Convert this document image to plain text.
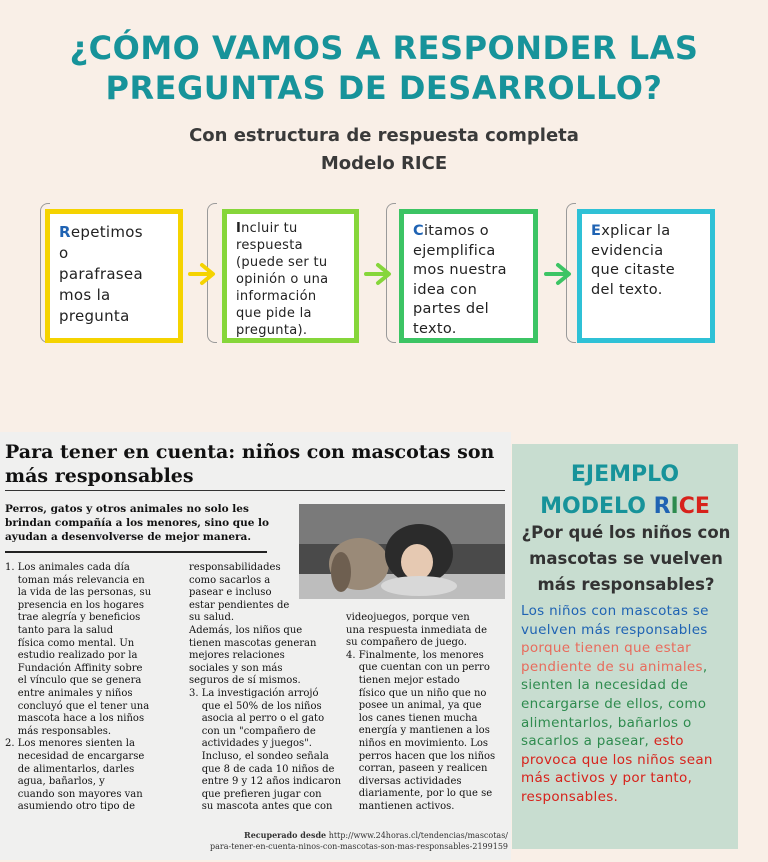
¿CÓMO VAMOS A RESPONDER LAS
PREGUNTAS DE DESARROLLO?
Con estructura de respuesta completa
Modelo RICE
Repetimos
o
parafrasea
mos la
pregunta
Incluir tu
respuesta
(puede ser tu
opinión o una
información
que pide la
pregunta).
Citamos o
ejemplifica
mos nuestra
idea con
partes del
texto.
Explicar la
evidencia
que citaste
del texto.
Para tener en cuenta: niños con mascotas son más responsables
Perros, gatos y otros animales no solo les brindan compañía a los menores, sino que lo ayudan a desenvolverse de mejor manera.
1. Los animales cada día
toman más relevancia en
la vida de las personas, su
presencia en los hogares
trae alegría y beneficios
tanto para la salud
física como mental. Un
estudio realizado por la
Fundación Affinity sobre
el vínculo que se genera
entre animales y niños
concluyó que el tener una
mascota hace a los niños
más responsables.
2. Los menores sienten la
necesidad de encargarse
de alimentarlos, darles
agua, bañarlos, y
cuando son mayores van
asumiendo otro tipo de
responsabilidades
como sacarlos a
pasear e incluso
estar pendientes de
su salud.
Además, los niños que
tienen mascotas generan
mejores relaciones
sociales y son más
seguros de sí mismos.
3. La investigación arrojó
que el 50% de los niños
asocia al perro o el gato
con un "compañero de
actividades y juegos".
Incluso, el sondeo señala
que 8 de cada 10 niños de
entre 9 y 12 años indicaron
que prefieren jugar con
su mascota antes que con
videojuegos, porque ven
una respuesta inmediata de
su compañero de juego.
4. Finalmente, los menores
que cuentan con un perro
tienen mejor estado
físico que un niño que no
posee un animal, ya que
los canes tienen mucha
energía y mantienen a los
niños en movimiento. Los
perros hacen que los niños
corran, paseen y realicen
diversas actividades
diariamente, por lo que se
mantienen activos.
Recuperado desde http://www.24horas.cl/tendencias/mascotas/
para-tener-en-cuenta-ninos-con-mascotas-son-mas-responsables-2199159
EJEMPLO
MODELO RICE
¿Por qué los niños con mascotas se vuelven más responsables?
Los niños con mascotas se vuelven más responsables porque tienen que estar pendiente de su animales, sienten la necesidad de encargarse de ellos, como alimentarlos, bañarlos o sacarlos a pasear, esto provoca que los niños sean más activos y por tanto, responsables.
